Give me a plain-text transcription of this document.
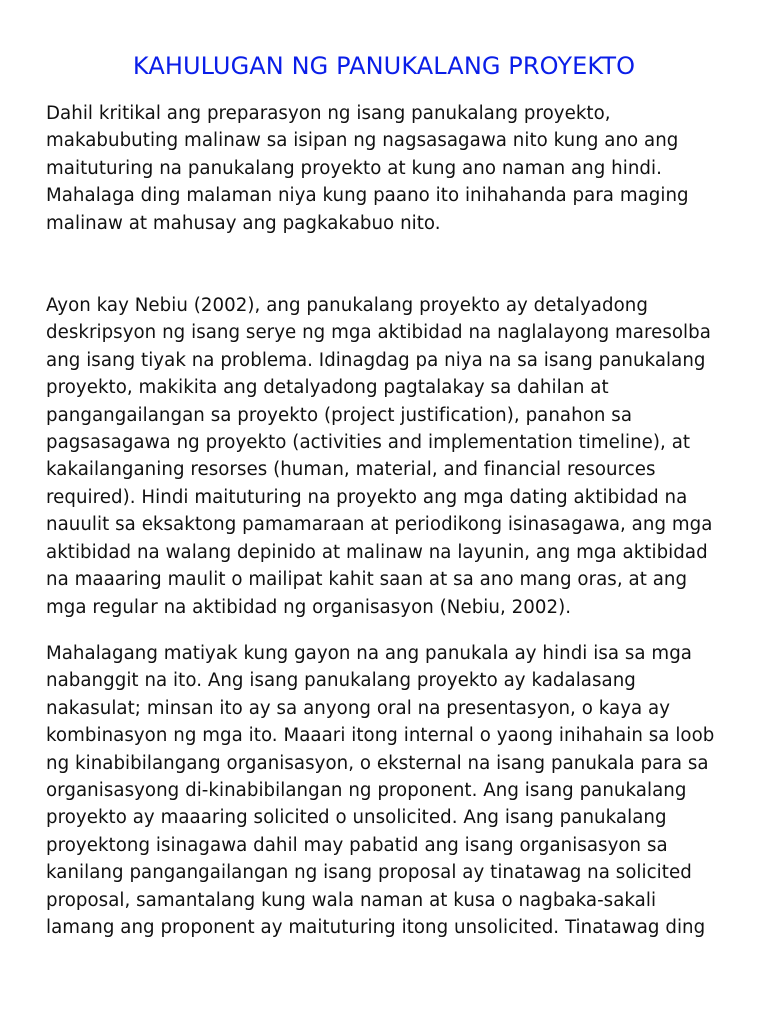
KAHULUGAN NG PANUKALANG PROYEKTO

Dahil kritikal ang preparasyon ng isang panukalang proyekto, makabubuting malinaw sa isipan ng nagsasagawa nito kung ano ang maituturing na panukalang proyekto at kung ano naman ang hindi. Mahalaga ding malaman niya kung paano ito inihahanda para maging malinaw at mahusay ang pagkakabuo nito.

Ayon kay Nebiu (2002), ang panukalang proyekto ay detalyadong deskripsyon ng isang serye ng mga aktibidad na naglalayong maresolba ang isang tiyak na problema. Idinagdag pa niya na sa isang panukalang proyekto, makikita ang detalyadong pagtalakay sa dahilan at pangangailangan sa proyekto (project justification), panahon sa pagsasagawa ng proyekto (activities and implementation timeline), at kakailanganing resorses (human, material, and financial resources required). Hindi maituturing na proyekto ang mga dating aktibidad na nauulit sa eksaktong pamamaraan at periodikong isinasagawa, ang mga aktibidad na walang depinido at malinaw na layunin, ang mga aktibidad na maaaring maulit o mailipat kahit saan at sa ano mang oras, at ang mga regular na aktibidad ng organisasyon (Nebiu, 2002).

Mahalagang matiyak kung gayon na ang panukala ay hindi isa sa mga nabanggit na ito. Ang isang panukalang proyekto ay kadalasang nakasulat; minsan ito ay sa anyong oral na presentasyon, o kaya ay kombinasyon ng mga ito. Maaari itong internal o yaong inihahain sa loob ng kinabibilangang organisasyon, o eksternal na isang panukala para sa organisasyong di-kinabibilangan ng proponent. Ang isang panukalang proyekto ay maaaring solicited o unsolicited. Ang isang panukalang proyektong isinagawa dahil may pabatid ang isang organisasyon sa kanilang pangangailangan ng isang proposal ay tinatawag na solicited proposal, samantalang kung wala naman at kusa o nagbaka-sakali lamang ang proponent ay maituturing itong unsolicited. Tinatawag ding
